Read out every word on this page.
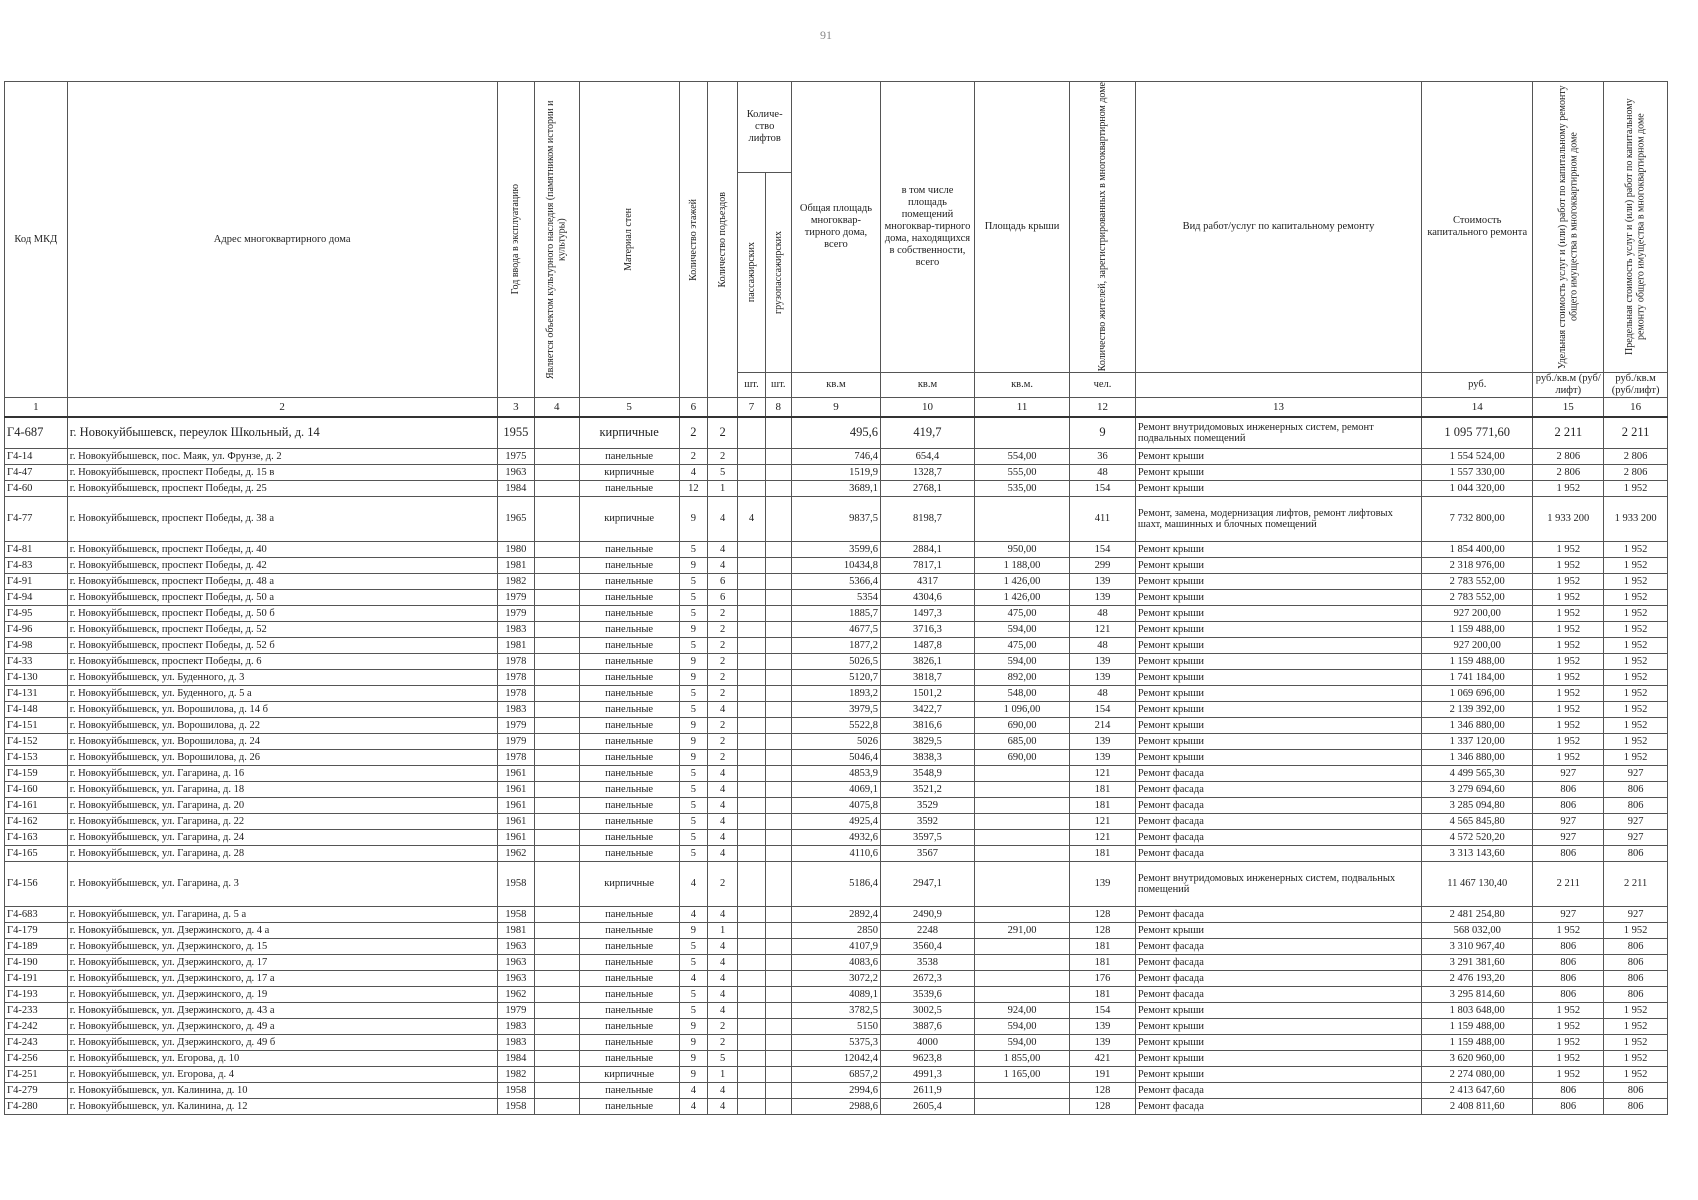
91
Код МКД	Адрес многоквартирного дома	Год ввода в эксплуатацию	Является объектом культурного наследия (памятником истории и культуры)	Материал стен	Количество этажей	Количество подъездов	Количе-ство лифтов		Общая площадь многоквар-тирного дома, всего	в том числе площадь помещений многоквар-тирного дома, находящихся в собственности, всего	Площадь крыши	Количество жителей, зарегистрированных в многоквартирном доме	Вид работ/услуг по капитальному ремонту	Стоимость капитального ремонта	Удельная стоимость услуг и (или) работ по капитальному ремонту общего имущества в многоквартирном доме	Предельная стоимость услуг и (или) работ по капитальному ремонту общего имущества в многоквартирном доме

							пассажирских	грузопассажирских								

							шт.	шт.	кв.м	кв.м	кв.м.	чел.		руб.	руб./кв.м (руб/лифт)	руб./кв.м (руб/лифт)
1	2	3	4	5	6		7	8	9	10	11	12	13	14	15	16
Г4-687	г. Новокуйбышевск, переулок Школьный, д. 14	1955		кирпичные	2	2			495,6	419,7		9	Ремонт внутридомовых инженерных систем, ремонт подвальных помещений	1 095 771,60	2 211	2 211
Г4-14	г. Новокуйбышевск, пос. Маяк, ул. Фрунзе, д. 2	1975		панельные	2	2			746,4	654,4	554,00	36	Ремонт крыши	1 554 524,00	2 806	2 806
Г4-47	г. Новокуйбышевск, проспект Победы, д. 15 в	1963		кирпичные	4	5			1519,9	1328,7	555,00	48	Ремонт крыши	1 557 330,00	2 806	2 806
Г4-60	г. Новокуйбышевск, проспект Победы, д. 25	1984		панельные	12	1			3689,1	2768,1	535,00	154	Ремонт крыши	1 044 320,00	1 952	1 952
Г4-77	г. Новокуйбышевск, проспект Победы, д. 38 а	1965		кирпичные	9	4	4		9837,5	8198,7		411	Ремонт, замена, модернизация лифтов, ремонт лифтовых шахт, машинных и блочных помещений	7 732 800,00	1 933 200	1 933 200
Г4-81	г. Новокуйбышевск, проспект Победы, д. 40	1980		панельные	5	4			3599,6	2884,1	950,00	154	Ремонт крыши	1 854 400,00	1 952	1 952
Г4-83	г. Новокуйбышевск, проспект Победы, д. 42	1981		панельные	9	4			10434,8	7817,1	1 188,00	299	Ремонт крыши	2 318 976,00	1 952	1 952
Г4-91	г. Новокуйбышевск, проспект Победы, д. 48 а	1982		панельные	5	6			5366,4	4317	1 426,00	139	Ремонт крыши	2 783 552,00	1 952	1 952
Г4-94	г. Новокуйбышевск, проспект Победы, д. 50 а	1979		панельные	5	6			5354	4304,6	1 426,00	139	Ремонт крыши	2 783 552,00	1 952	1 952
Г4-95	г. Новокуйбышевск, проспект Победы, д. 50 б	1979		панельные	5	2			1885,7	1497,3	475,00	48	Ремонт крыши	927 200,00	1 952	1 952
Г4-96	г. Новокуйбышевск, проспект Победы, д. 52	1983		панельные	9	2			4677,5	3716,3	594,00	121	Ремонт крыши	1 159 488,00	1 952	1 952
Г4-98	г. Новокуйбышевск, проспект Победы, д. 52 б	1981		панельные	5	2			1877,2	1487,8	475,00	48	Ремонт крыши	927 200,00	1 952	1 952
Г4-33	г. Новокуйбышевск, проспект Победы, д. 6	1978		панельные	9	2			5026,5	3826,1	594,00	139	Ремонт крыши	1 159 488,00	1 952	1 952
Г4-130	г. Новокуйбышевск, ул. Буденного, д. 3	1978		панельные	9	2			5120,7	3818,7	892,00	139	Ремонт крыши	1 741 184,00	1 952	1 952
Г4-131	г. Новокуйбышевск, ул. Буденного, д. 5 а	1978		панельные	5	2			1893,2	1501,2	548,00	48	Ремонт крыши	1 069 696,00	1 952	1 952
Г4-148	г. Новокуйбышевск, ул. Ворошилова, д. 14 б	1983		панельные	5	4			3979,5	3422,7	1 096,00	154	Ремонт крыши	2 139 392,00	1 952	1 952
Г4-151	г. Новокуйбышевск, ул. Ворошилова, д. 22	1979		панельные	9	2			5522,8	3816,6	690,00	214	Ремонт крыши	1 346 880,00	1 952	1 952
Г4-152	г. Новокуйбышевск, ул. Ворошилова, д. 24	1979		панельные	9	2			5026	3829,5	685,00	139	Ремонт крыши	1 337 120,00	1 952	1 952
Г4-153	г. Новокуйбышевск, ул. Ворошилова, д. 26	1978		панельные	9	2			5046,4	3838,3	690,00	139	Ремонт крыши	1 346 880,00	1 952	1 952
Г4-159	г. Новокуйбышевск, ул. Гагарина, д. 16	1961		панельные	5	4			4853,9	3548,9		121	Ремонт фасада	4 499 565,30	927	927
Г4-160	г. Новокуйбышевск, ул. Гагарина, д. 18	1961		панельные	5	4			4069,1	3521,2		181	Ремонт фасада	3 279 694,60	806	806
Г4-161	г. Новокуйбышевск, ул. Гагарина, д. 20	1961		панельные	5	4			4075,8	3529		181	Ремонт фасада	3 285 094,80	806	806
Г4-162	г. Новокуйбышевск, ул. Гагарина, д. 22	1961		панельные	5	4			4925,4	3592		121	Ремонт фасада	4 565 845,80	927	927
Г4-163	г. Новокуйбышевск, ул. Гагарина, д. 24	1961		панельные	5	4			4932,6	3597,5		121	Ремонт фасада	4 572 520,20	927	927
Г4-165	г. Новокуйбышевск, ул. Гагарина, д. 28	1962		панельные	5	4			4110,6	3567		181	Ремонт фасада	3 313 143,60	806	806
Г4-156	г. Новокуйбышевск, ул. Гагарина, д. 3	1958		кирпичные	4	2			5186,4	2947,1		139	Ремонт внутридомовых инженерных систем, подвальных помещений	11 467 130,40	2 211	2 211
Г4-683	г. Новокуйбышевск, ул. Гагарина, д. 5 а	1958		панельные	4	4			2892,4	2490,9		128	Ремонт фасада	2 481 254,80	927	927
Г4-179	г. Новокуйбышевск, ул. Дзержинского, д. 4 а	1981		панельные	9	1			2850	2248	291,00	128	Ремонт крыши	568 032,00	1 952	1 952
Г4-189	г. Новокуйбышевск, ул. Дзержинского, д. 15	1963		панельные	5	4			4107,9	3560,4		181	Ремонт фасада	3 310 967,40	806	806
Г4-190	г. Новокуйбышевск, ул. Дзержинского, д. 17	1963		панельные	5	4			4083,6	3538		181	Ремонт фасада	3 291 381,60	806	806
Г4-191	г. Новокуйбышевск, ул. Дзержинского, д. 17 а	1963		панельные	4	4			3072,2	2672,3		176	Ремонт фасада	2 476 193,20	806	806
Г4-193	г. Новокуйбышевск, ул. Дзержинского, д. 19	1962		панельные	5	4			4089,1	3539,6		181	Ремонт фасада	3 295 814,60	806	806
Г4-233	г. Новокуйбышевск, ул. Дзержинского, д. 43 а	1979		панельные	5	4			3782,5	3002,5	924,00	154	Ремонт крыши	1 803 648,00	1 952	1 952
Г4-242	г. Новокуйбышевск, ул. Дзержинского, д. 49 а	1983		панельные	9	2			5150	3887,6	594,00	139	Ремонт крыши	1 159 488,00	1 952	1 952
Г4-243	г. Новокуйбышевск, ул. Дзержинского, д. 49 б	1983		панельные	9	2			5375,3	4000	594,00	139	Ремонт крыши	1 159 488,00	1 952	1 952
Г4-256	г. Новокуйбышевск, ул. Егорова, д. 10	1984		панельные	9	5			12042,4	9623,8	1 855,00	421	Ремонт крыши	3 620 960,00	1 952	1 952
Г4-251	г. Новокуйбышевск, ул. Егорова, д. 4	1982		кирпичные	9	1			6857,2	4991,3	1 165,00	191	Ремонт крыши	2 274 080,00	1 952	1 952
Г4-279	г. Новокуйбышевск, ул. Калинина, д. 10	1958		панельные	4	4			2994,6	2611,9		128	Ремонт фасада	2 413 647,60	806	806
Г4-280	г. Новокуйбышевск, ул. Калинина, д. 12	1958		панельные	4	4			2988,6	2605,4		128	Ремонт фасада	2 408 811,60	806	806
